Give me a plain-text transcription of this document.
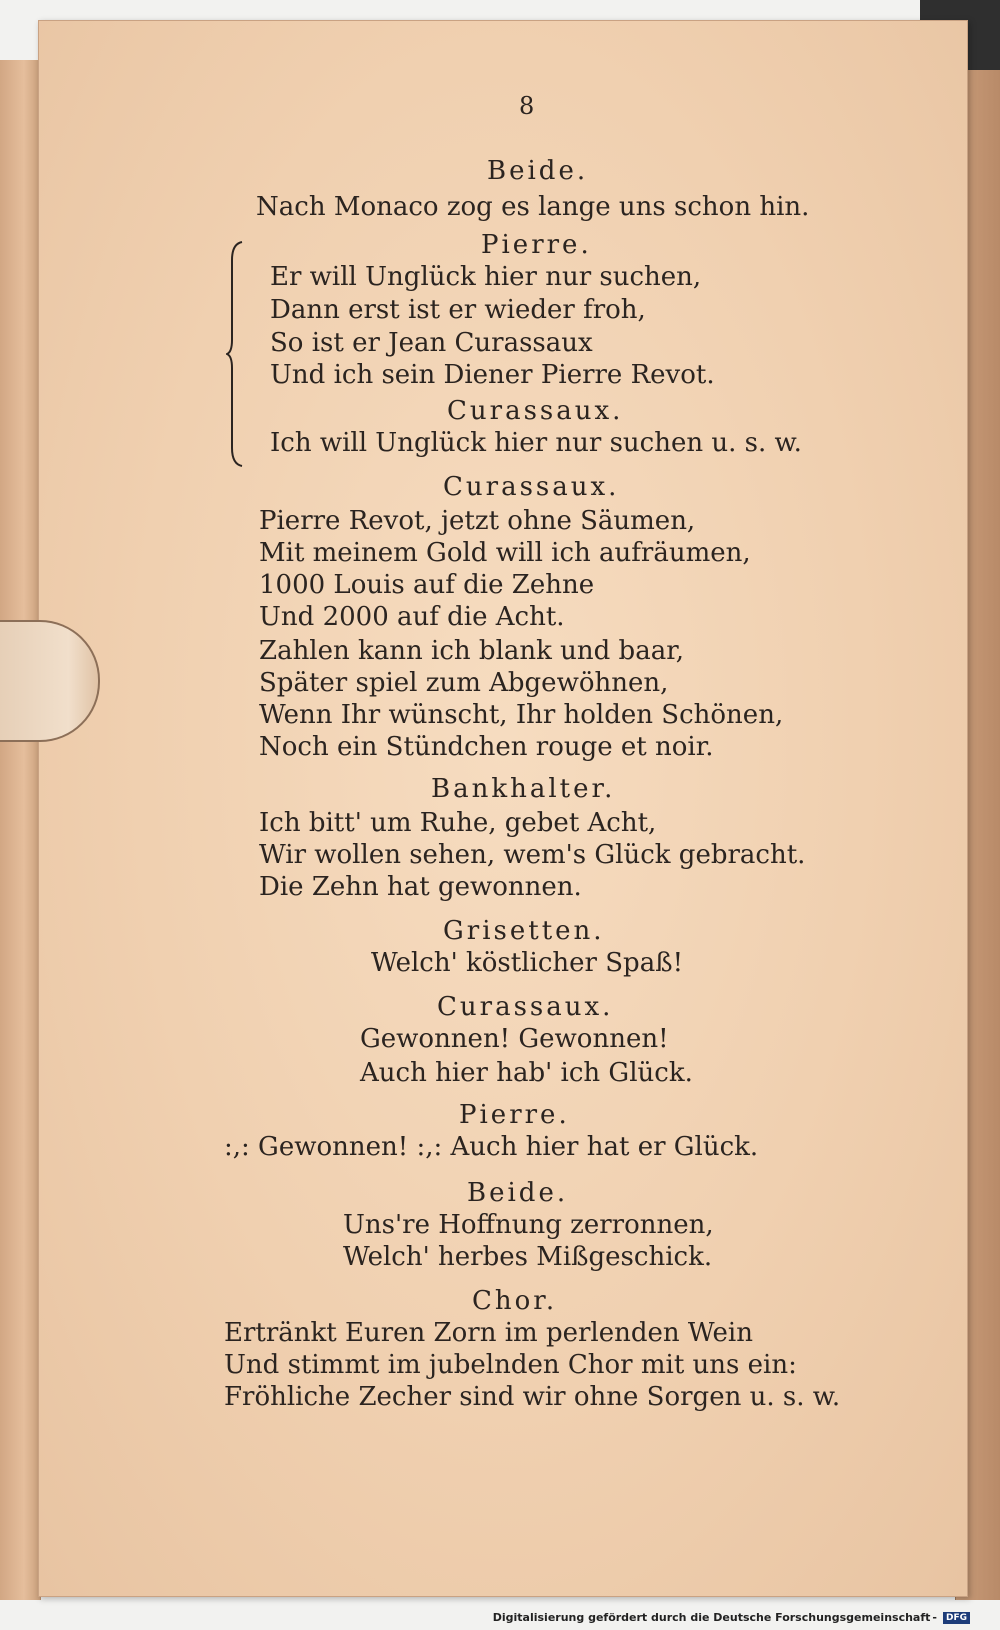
8
Beide.
Nach Monaco zog es lange uns schon hin.
Pierre.
Er will Unglück hier nur suchen,
Dann erst ist er wieder froh,
So ist er Jean Curassaux
Und ich sein Diener Pierre Revot.
Curassaux.
Ich will Unglück hier nur suchen u. s. w.
Curassaux.
Pierre Revot, jetzt ohne Säumen,
Mit meinem Gold will ich aufräumen,
1000 Louis auf die Zehne
Und 2000 auf die Acht.
Zahlen kann ich blank und baar,
Später spiel zum Abgewöhnen,
Wenn Ihr wünscht, Ihr holden Schönen,
Noch ein Stündchen rouge et noir.
Bankhalter.
Ich bitt' um Ruhe, gebet Acht,
Wir wollen sehen, wem's Glück gebracht.
Die Zehn hat gewonnen.
Grisetten.
Welch' köstlicher Spaß!
Curassaux.
Gewonnen! Gewonnen!
Auch hier hab' ich Glück.
Pierre.
:,: Gewonnen! :,: Auch hier hat er Glück.
Beide.
Uns're Hoffnung zerronnen,
Welch' herbes Mißgeschick.
Chor.
Ertränkt Euren Zorn im perlenden Wein
Und stimmt im jubelnden Chor mit uns ein:
Fröhliche Zecher sind wir ohne Sorgen u. s. w.
Digitalisierung gefördert durch die Deutsche Forschungsgemeinschaft -	DFG
